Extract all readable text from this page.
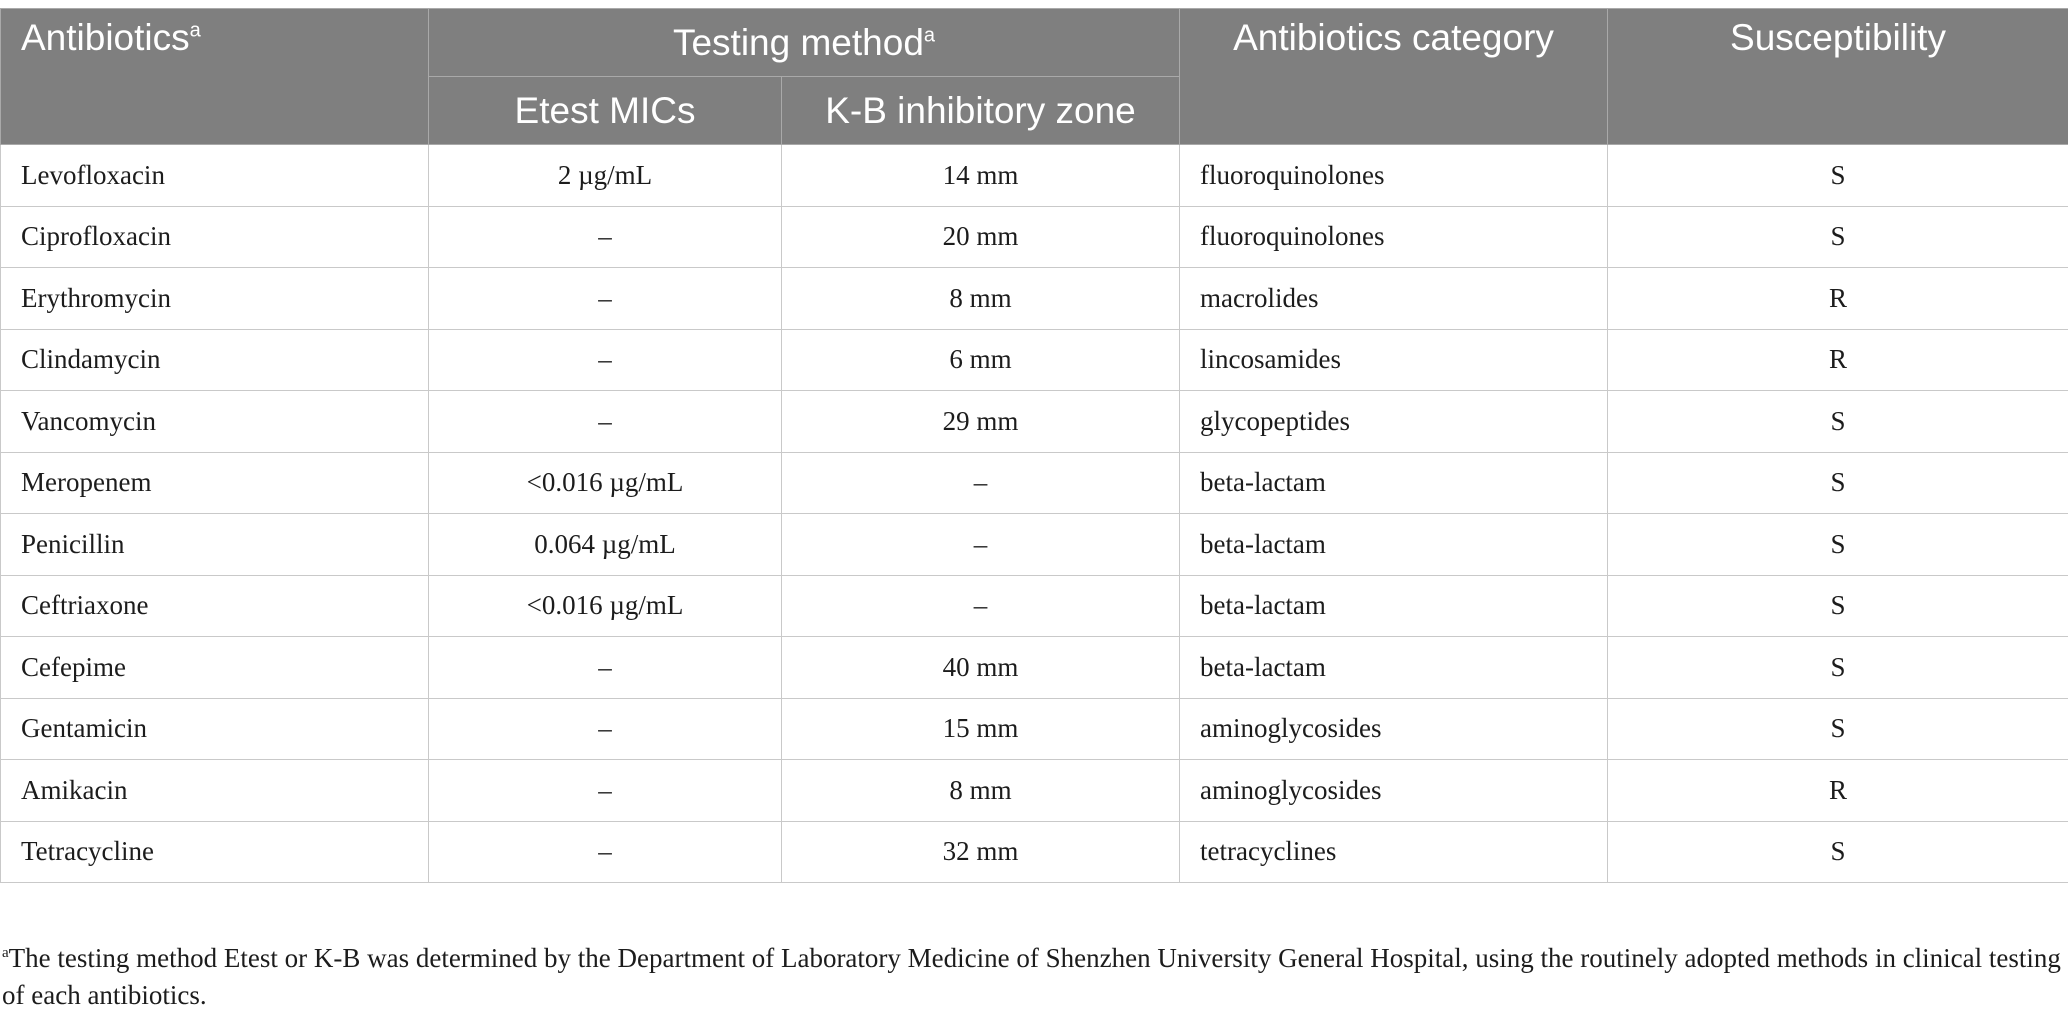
Antibiotics$^a$	Testing method$^a$		Antibiotics category	Susceptibility
	Etest MICs	K-B inhibitory zone		
Levofloxacin	2 µg/mL	14 mm	fluoroquinolones	S
Ciprofloxacin	–	20 mm	fluoroquinolones	S
Erythromycin	–	8 mm	macrolides	R
Clindamycin	–	6 mm	lincosamides	R
Vancomycin	–	29 mm	glycopeptides	S
Meropenem	<0.016 µg/mL	–	beta-lactam	S
Penicillin	0.064 µg/mL	–	beta-lactam	S
Ceftriaxone	<0.016 µg/mL	–	beta-lactam	S
Cefepime	–	40 mm	beta-lactam	S
Gentamicin	–	15 mm	aminoglycosides	S
Amikacin	–	8 mm	aminoglycosides	R
Tetracycline	–	32 mm	tetracyclines	S

$^a$The testing method Etest or K-B was determined by the Department of Laboratory Medicine of Shenzhen University General Hospital, using the routinely adopted methods in clinical testing of each antibiotics.
